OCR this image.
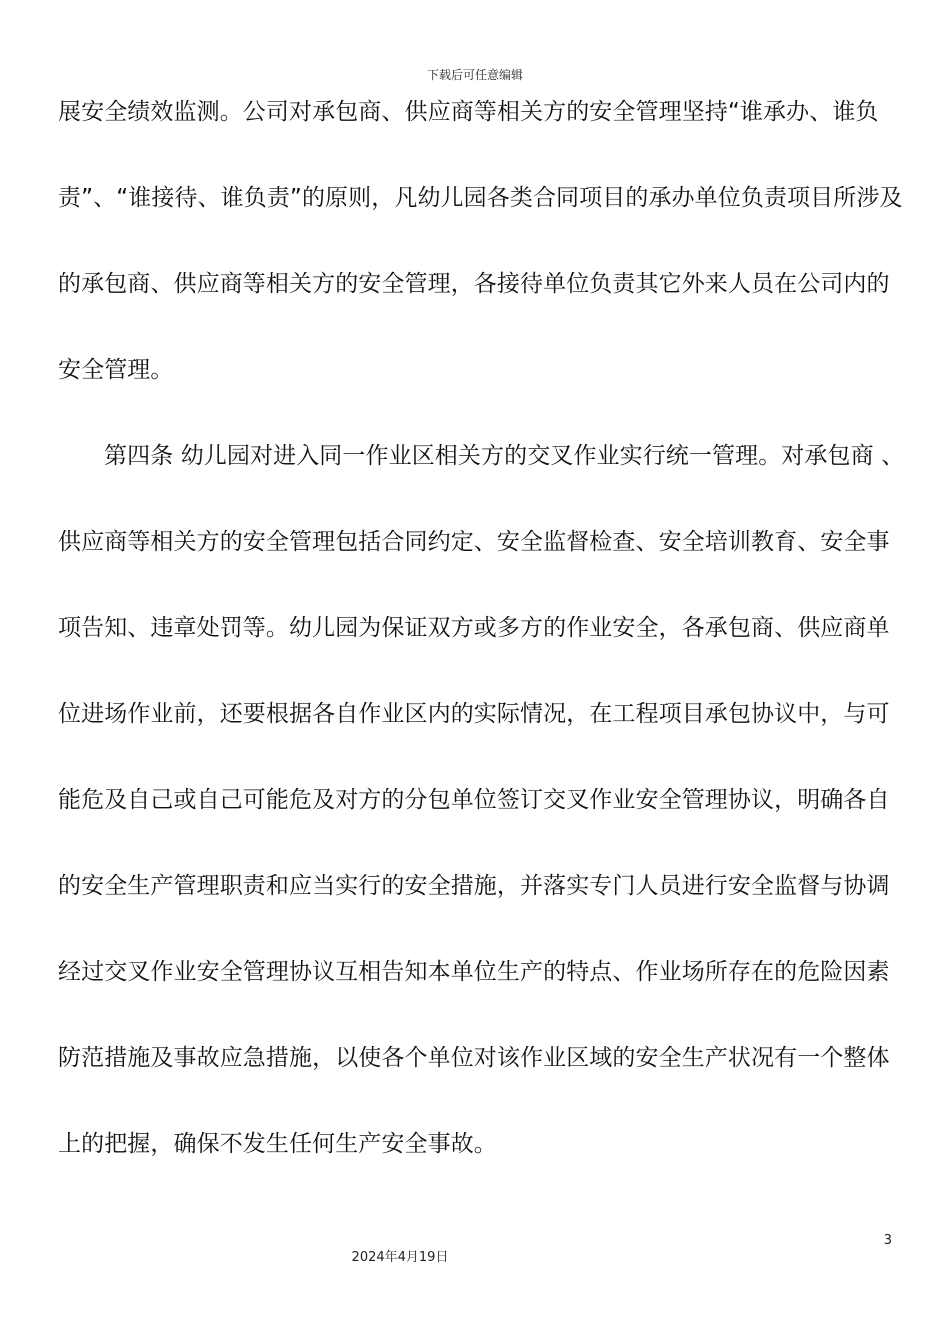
下载后可任意编辑
展安全绩效监测。公司对承包商、供应商等相关方的安全管理坚持“谁承办、谁负
责”、“谁接待、谁负责”的原则，凡幼儿园各类合同项目的承办单位负责项目所涉及
的承包商、供应商等相关方的安全管理，各接待单位负责其它外来人员在公司内的
安全管理。
第四条 幼儿园对进入同一作业区相关方的交叉作业实行统一管理。对承包商 、
供应商等相关方的安全管理包括合同约定、安全监督检查、安全培训教育、安全事
项告知、违章处罚等。幼儿园为保证双方或多方的作业安全，各承包商、供应商单
位进场作业前，还要根据各自作业区内的实际情况，在工程项目承包协议中，与可
能危及自己或自己可能危及对方的分包单位签订交叉作业安全管理协议，明确各自
的安全生产管理职责和应当实行的安全措施，并落实专门人员进行安全监督与协调
经过交叉作业安全管理协议互相告知本单位生产的特点、作业场所存在的危险因素
防范措施及事故应急措施，以使各个单位对该作业区域的安全生产状况有一个整体
上的把握，确保不发生任何生产安全事故。
3
2024年4月19日
